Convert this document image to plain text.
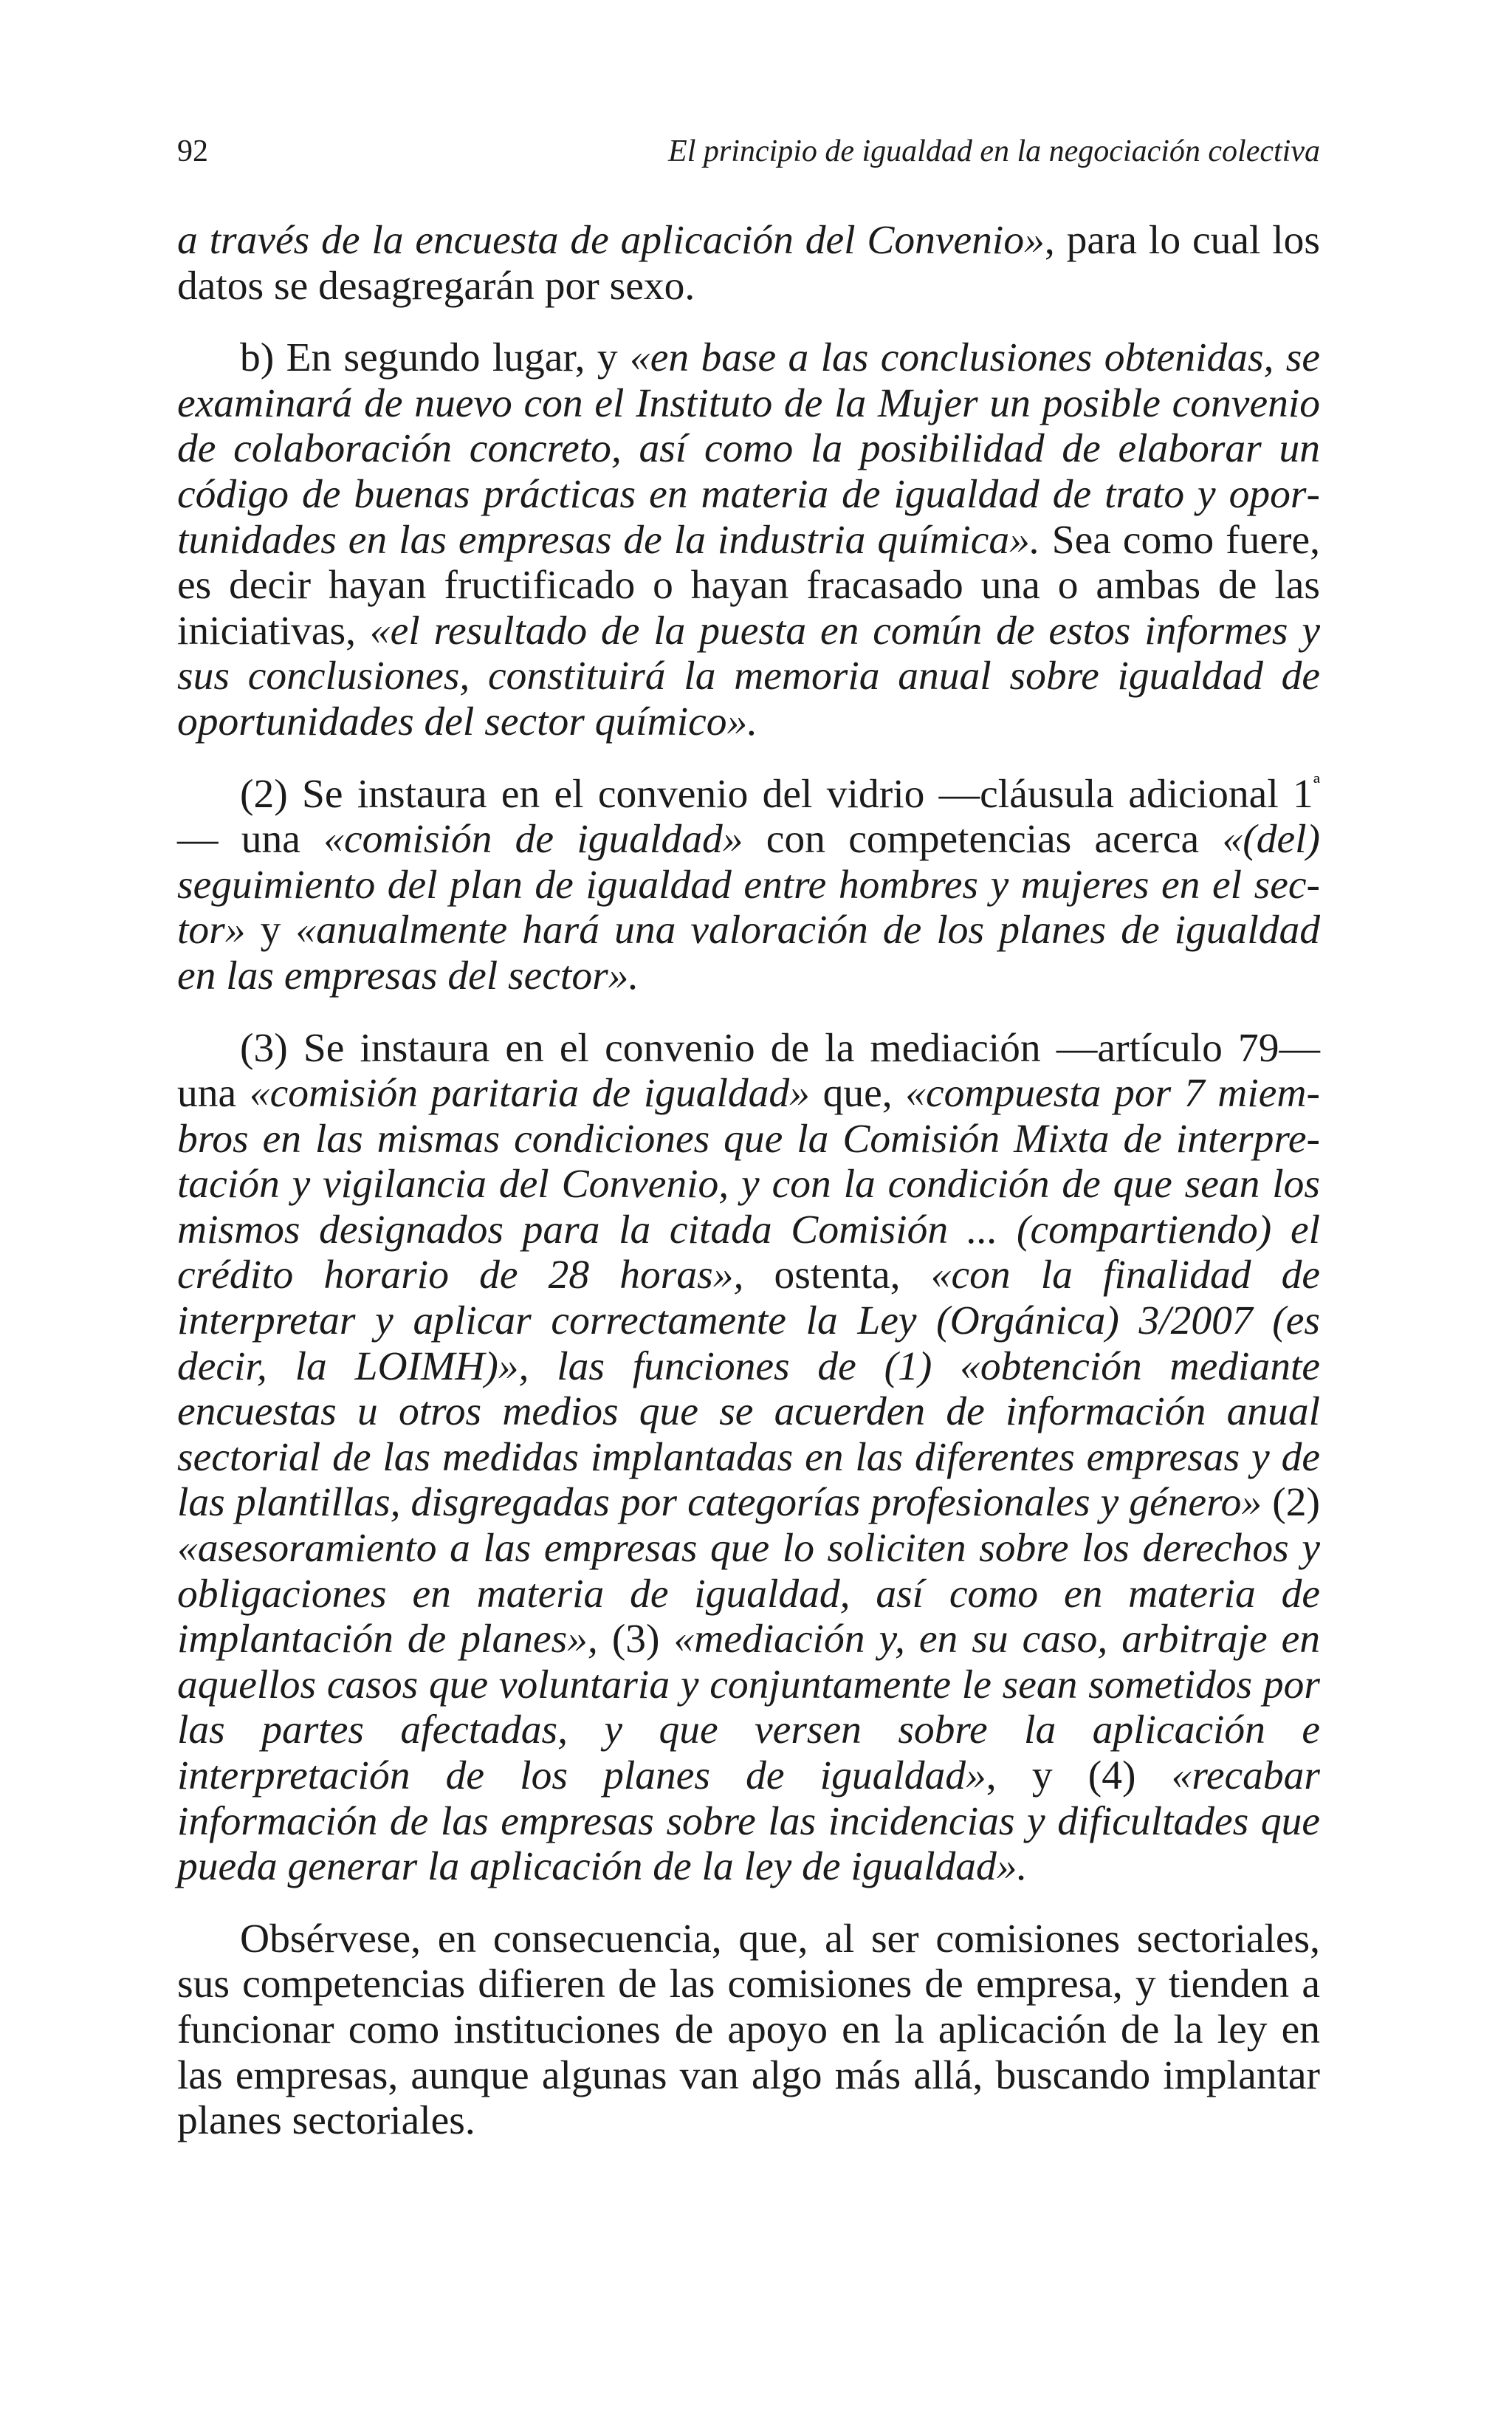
92	El principio de igualdad en la negociación colectiva

a través de la encuesta de aplicación del Convenio», para lo cual los datos se desagregarán por sexo.

b) En segundo lugar, y «en base a las conclusiones obtenidas, se examinará de nuevo con el Instituto de la Mujer un posible convenio de colaboración concreto, así como la posibilidad de elaborar un código de buenas prácticas en materia de igualdad de trato y oportunidades en las empresas de la industria química». Sea como fuere, es decir hayan fructificado o hayan fracasado una o ambas de las iniciativas, «el resultado de la puesta en común de estos informes y sus conclusiones, constituirá la memoria anual sobre igualdad de oportunidades del sector químico».

(2) Se instaura en el convenio del vidrio —cláusula adicional $1^ª—$ una «comisión de igualdad» con competencias acerca «(del) seguimiento del plan de igualdad entre hombres y mujeres en el sector» y «anualmente hará una valoración de los planes de igualdad en las empresas del sector».

(3) Se instaura en el convenio de la mediación —artículo 79— una «comisión paritaria de igualdad» que, «compuesta por 7 miembros en las mismas condiciones que la Comisión Mixta de interpretación y vigilancia del Convenio, y con la condición de que sean los mismos designados para la citada Comisión ... (compartiendo) el crédito horario de 28 horas», ostenta, «con la finalidad de interpretar y aplicar correctamente la Ley (Orgánica) 3/2007 (es decir, la LOIMH)», las funciones de (1) «obtención mediante encuestas u otros medios que se acuerden de información anual sectorial de las medidas implantadas en las diferentes empresas y de las plantillas, disgregadas por categorías profesionales y género» (2) «asesoramiento a las empresas que lo soliciten sobre los derechos y obligaciones en materia de igualdad, así como en materia de implantación de planes», (3) «mediación y, en su caso, arbitraje en aquellos casos que voluntaria y conjuntamente le sean sometidos por las partes afectadas, y que versen sobre la aplicación e interpretación de los planes de igualdad», y (4) «recabar información de las empresas sobre las incidencias y dificultades que pueda generar la aplicación de la ley de igualdad».

Obsérvese, en consecuencia, que, al ser comisiones sectoriales, sus competencias difieren de las comisiones de empresa, y tienden a funcionar como instituciones de apoyo en la aplicación de la ley en las empresas, aunque algunas van algo más allá, buscando implantar planes sectoriales.
